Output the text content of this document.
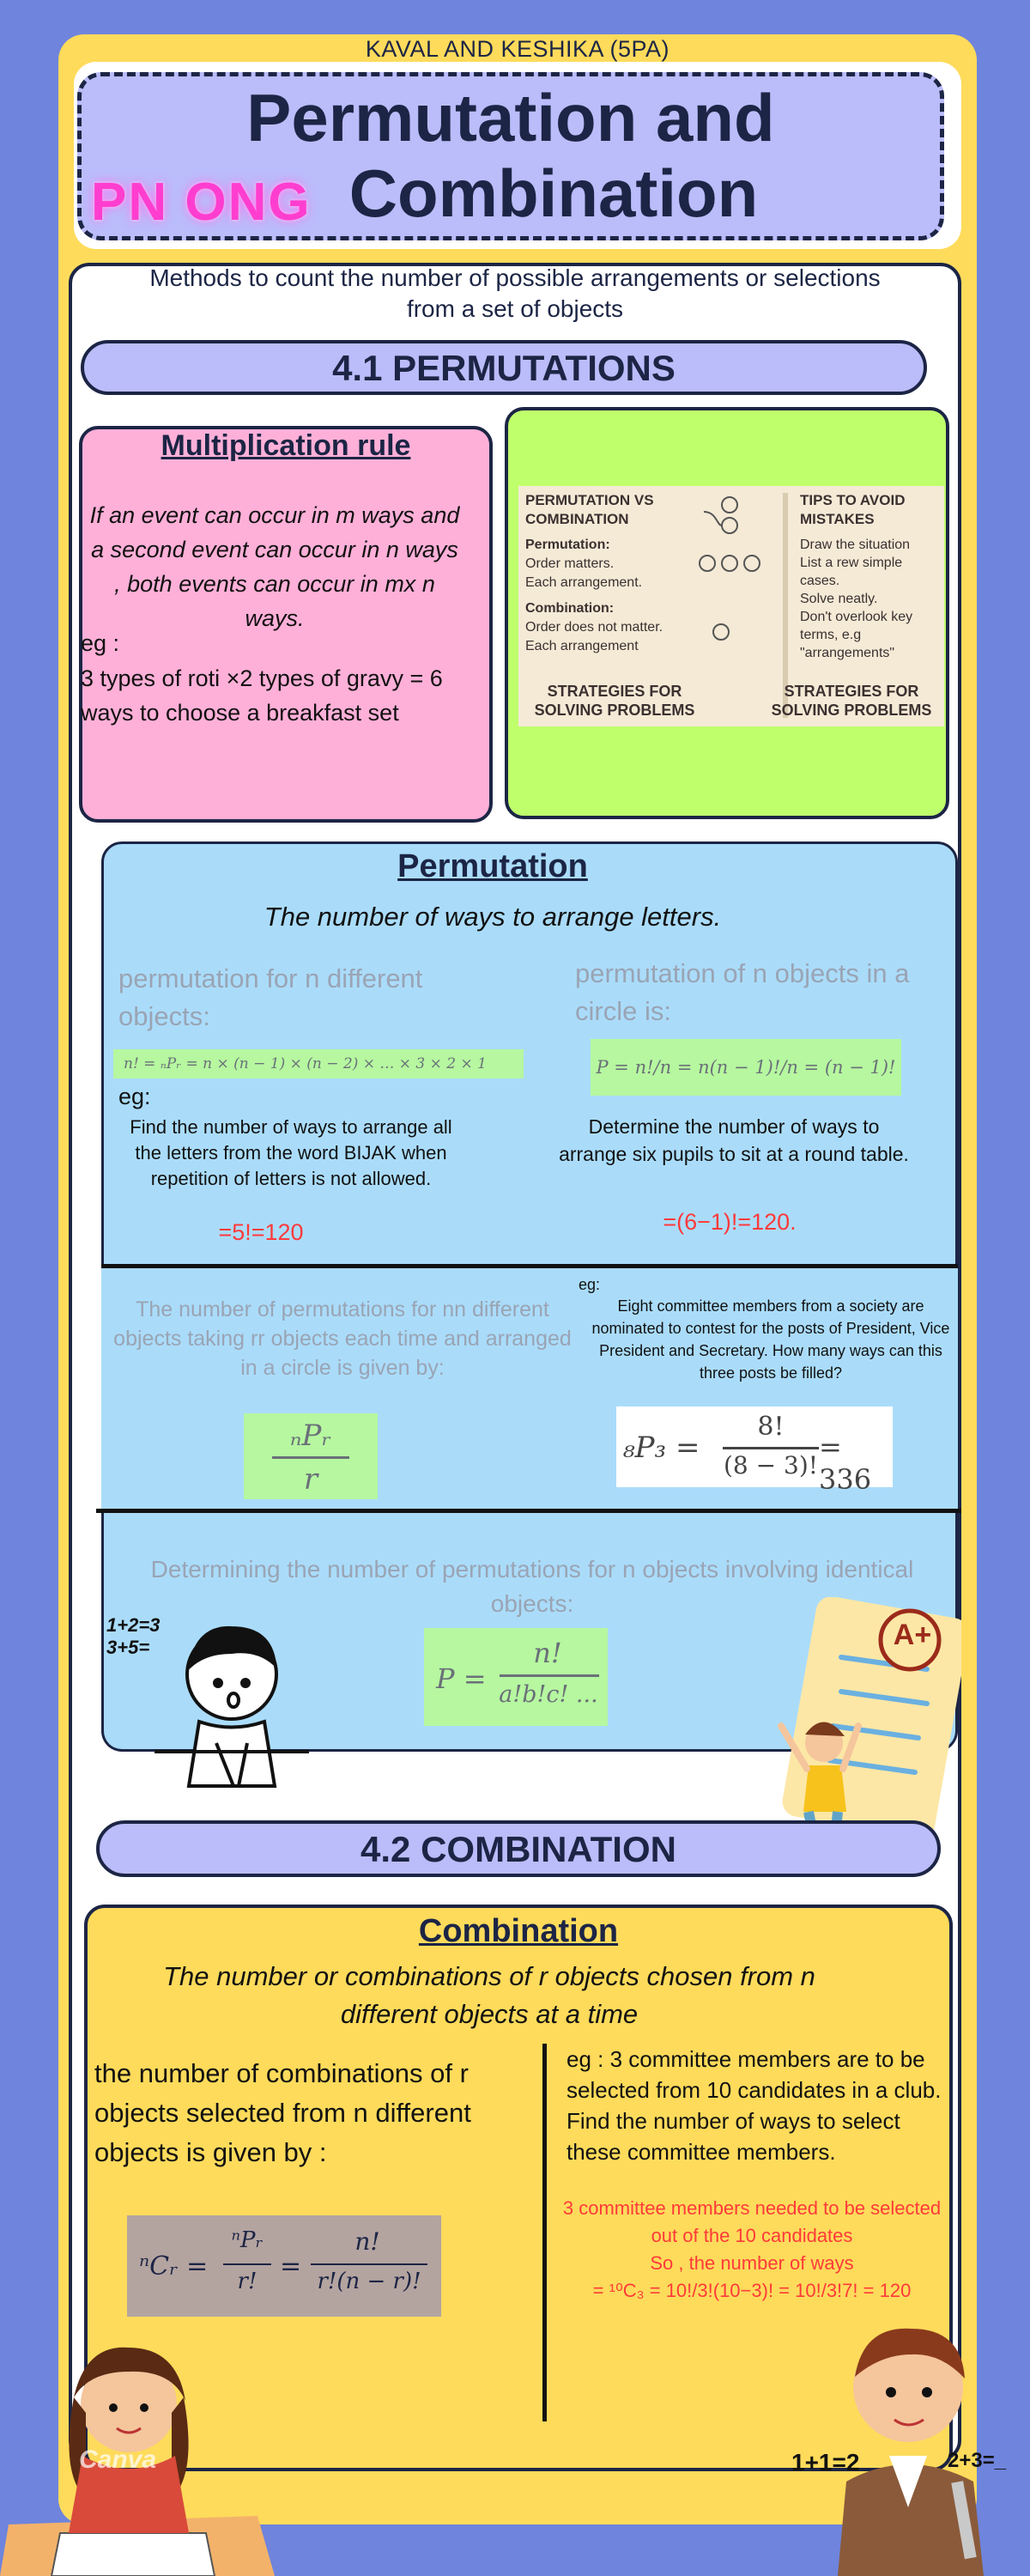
KAVAL AND KESHIKA (5PA)
Permutation and
Combination
PN ONG
Methods to count the number of possible arrangements or selections from a set of objects
4.1 PERMUTATIONS
Multiplication rule
If an event can occur in m ways and a second event can occur in n ways , both events can occur in mx n ways.
eg :
3 types of roti ×2 types of gravy = 6 ways to choose a breakfast set
PERMUTATION VS COMBINATION
Permutation:
Order matters.
Each arrangement.
Combination:
Order does not matter.
Each arrangement
TIPS TO AVOID MISTAKES
Draw the situation
List a rew simple cases.
Solve neatly.
Don't overlook key terms, e.g "arrangements"
STRATEGIES FOR SOLVING PROBLEMS
STRATEGIES FOR SOLVING PROBLEMS
Permutation
The number of ways to arrange letters.
permutation for n different objects:
n! = ₙPᵣ = n × (n − 1) × (n − 2) × … × 3 × 2 × 1
eg:
Find the number of ways to arrange all the letters from the word BIJAK when repetition of letters is not allowed.
=5!=120
permutation of n objects in a circle is:
P = n!/n = n(n − 1)!/n = (n − 1)!
Determine the number of ways to arrange six pupils to sit at a round table.
=(6−1)!=120.
The number of permutations for nn different objects taking rr objects each time and arranged in a circle is given by:
ₙPᵣ
r
eg:
Eight committee members from a society are nominated to contest for the posts of President, Vice President and Secretary. How many ways can this three posts be filled?
₈P₃ =
8!
(8 − 3)!
= 336
Determining the number of permutations for n objects involving identical objects:
P =
n!
a!b!c! ...
1+2=3
3+5=	A+
4.2 COMBINATION
Combination
The number or combinations of r objects chosen from n different objects at a time
the number of combinations of r objects selected from n different objects is given by :
ⁿCᵣ =
ⁿPᵣ
r! =
n!
r!(n − r)!
eg : 3 committee members are to be selected from 10 candidates in a club. Find the number of ways to select these committee members.
3 committee members needed to be selected out of the 10 candidates
So , the number of ways
= ¹⁰C₃ = 10!/3!(10−3)! = 10!/3!7! = 120
Canva	1+1=2	2+3=_
